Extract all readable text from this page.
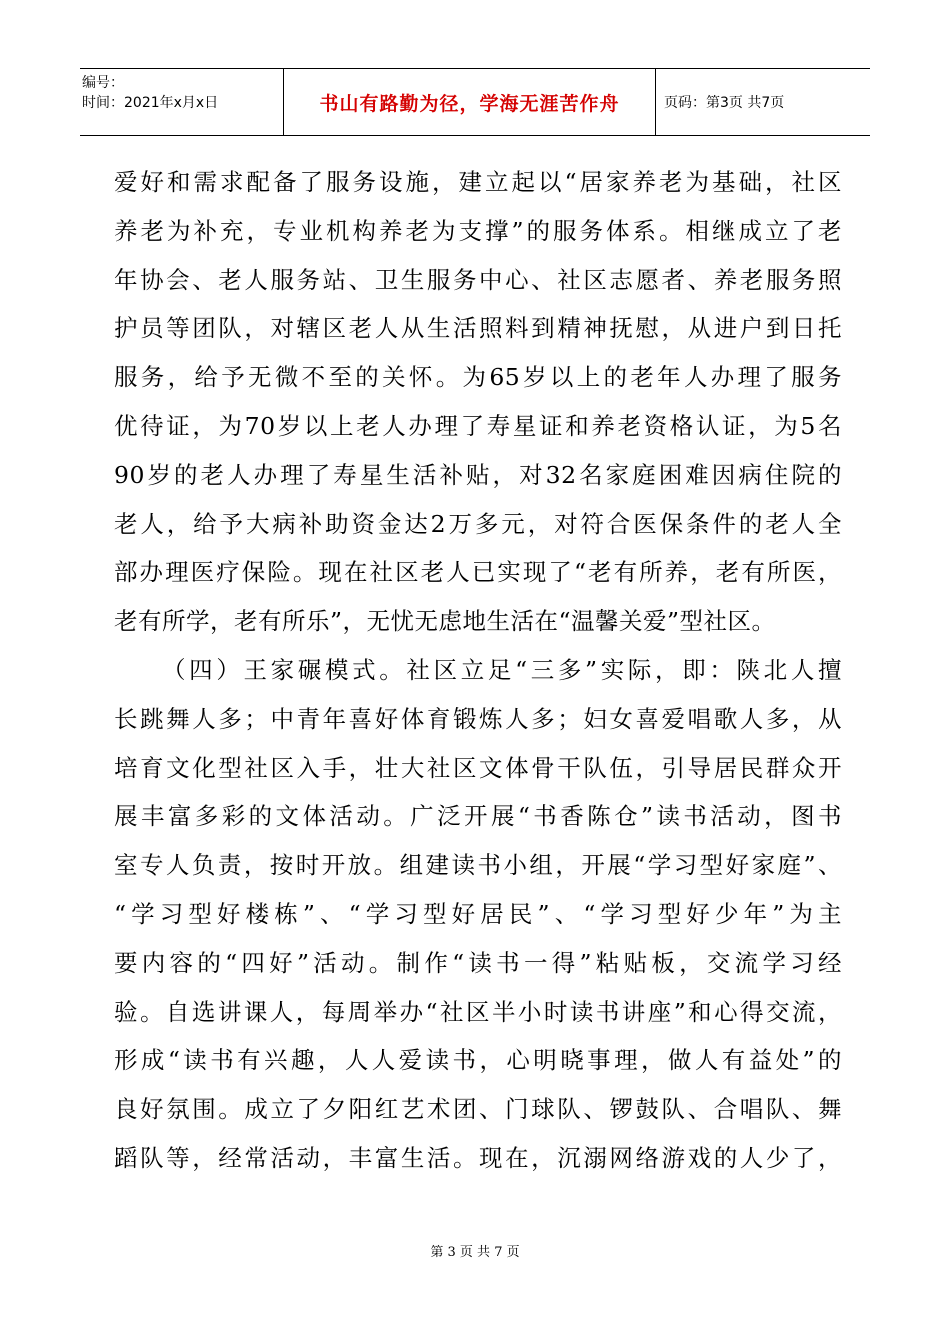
编号：
时间：2021年x月x日	书山有路勤为径，学海无涯苦作舟	页码：第3页 共7页
爱好和需求配备了服务设施，建立起以“居家养老为基础，社区
养老为补充，专业机构养老为支撑”的服务体系。相继成立了老
年协会、老人服务站、卫生服务中心、社区志愿者、养老服务照
护员等团队，对辖区老人从生活照料到精神抚慰，从进户到日托
服务，给予无微不至的关怀。为65岁以上的老年人办理了服务
优待证，为70岁以上老人办理了寿星证和养老资格认证，为5名
90岁的老人办理了寿星生活补贴，对32名家庭困难因病住院的
老人，给予大病补助资金达2万多元，对符合医保条件的老人全
部办理医疗保险。现在社区老人已实现了“老有所养，老有所医，
老有所学，老有所乐”，无忧无虑地生活在“温馨关爱”型社区。
（四）王家碾模式。社区立足“三多”实际，即：陕北人擅
长跳舞人多；中青年喜好体育锻炼人多；妇女喜爱唱歌人多，从
培育文化型社区入手，壮大社区文体骨干队伍，引导居民群众开
展丰富多彩的文体活动。广泛开展“书香陈仓”读书活动，图书
室专人负责，按时开放。组建读书小组，开展“学习型好家庭”、
“学习型好楼栋”、“学习型好居民”、“学习型好少年”为主
要内容的“四好”活动。制作“读书一得”粘贴板，交流学习经
验。自选讲课人，每周举办“社区半小时读书讲座”和心得交流，
形成“读书有兴趣，人人爱读书，心明晓事理，做人有益处”的
良好氛围。成立了夕阳红艺术团、门球队、锣鼓队、合唱队、舞
蹈队等，经常活动，丰富生活。现在，沉溺网络游戏的人少了，
第 3 页 共 7 页
